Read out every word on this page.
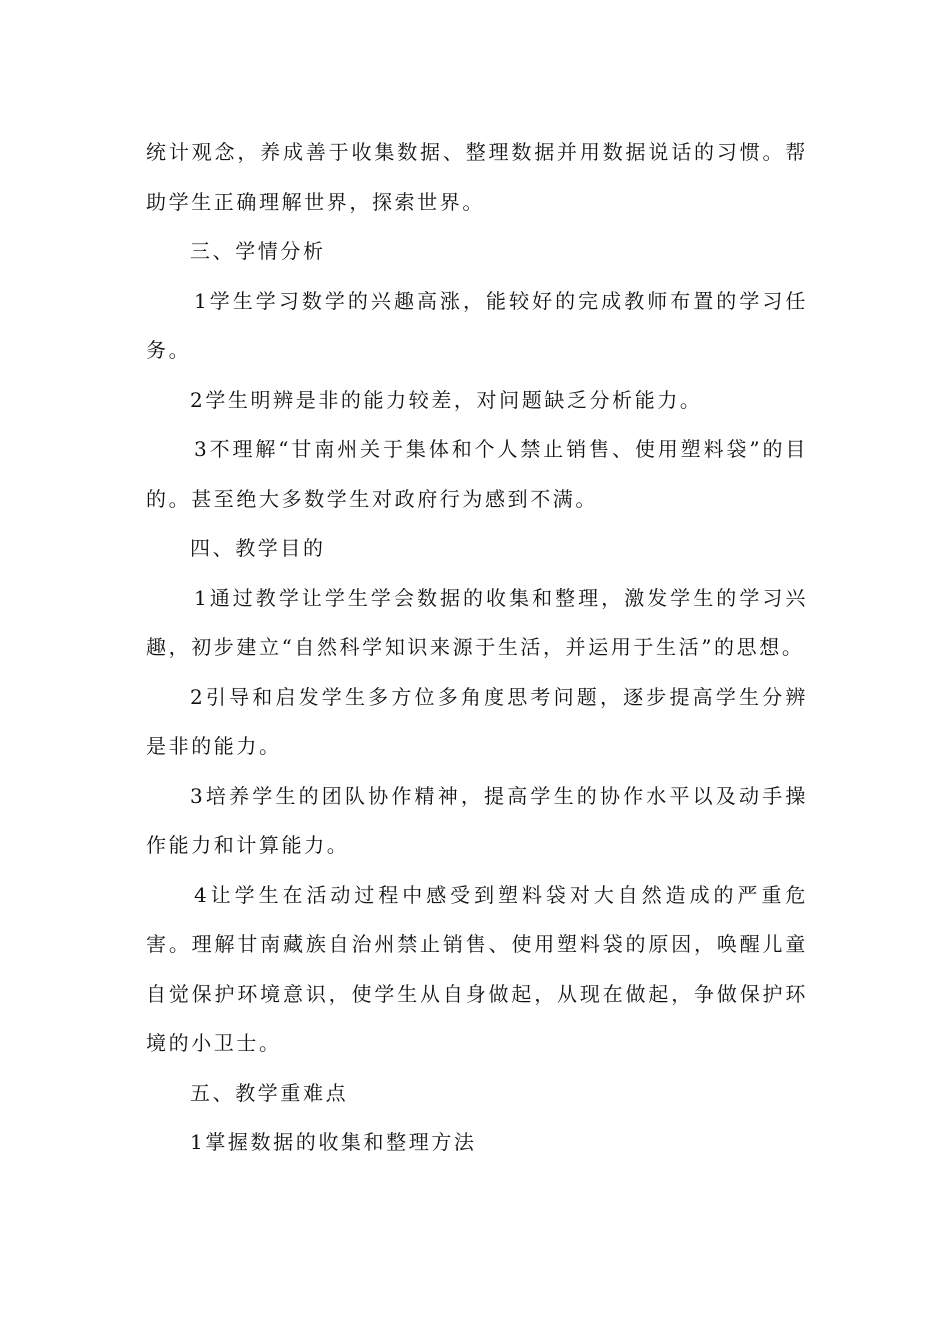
统计观念，养成善于收集数据、整理数据并用数据说话的习惯。帮助学生正确理解世界，探索世界。

三、学情分析

1学生学习数学的兴趣高涨，能较好的完成教师布置的学习任务。

2学生明辨是非的能力较差，对问题缺乏分析能力。

3不理解“甘南州关于集体和个人禁止销售、使用塑料袋”的目的。甚至绝大多数学生对政府行为感到不满。

四、教学目的

1通过教学让学生学会数据的收集和整理，激发学生的学习兴趣，初步建立“自然科学知识来源于生活，并运用于生活”的思想。

2引导和启发学生多方位多角度思考问题，逐步提高学生分辨是非的能力。

3培养学生的团队协作精神，提高学生的协作水平以及动手操作能力和计算能力。

4让学生在活动过程中感受到塑料袋对大自然造成的严重危害。理解甘南藏族自治州禁止销售、使用塑料袋的原因，唤醒儿童自觉保护环境意识，使学生从自身做起，从现在做起，争做保护环境的小卫士。

五、教学重难点

1掌握数据的收集和整理方法
